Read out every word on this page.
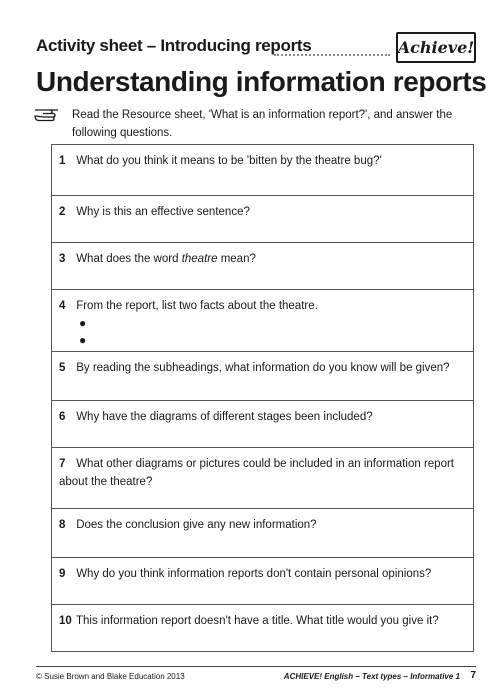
Activity sheet – Introducing reports	Achieve!
Understanding information reports
Read the Resource sheet, 'What is an information report?', and answer the following questions.
1 What do you think it means to be 'bitten by the theatre bug?'
2 Why is this an effective sentence?
3 What does the word theatre mean?
4 From the report, list two facts about the theatre.
●
●
5 By reading the subheadings, what information do you know will be given?
6 Why have the diagrams of different stages been included?
7 What other diagrams or pictures could be included in an information report about the theatre?
8 Does the conclusion give any new information?
9 Why do you think information reports don't contain personal opinions?
10 This information report doesn't have a title. What title would you give it?
© Susie Brown and Blake Education 2013	ACHIEVE! English – Text types – Informative 1 7
